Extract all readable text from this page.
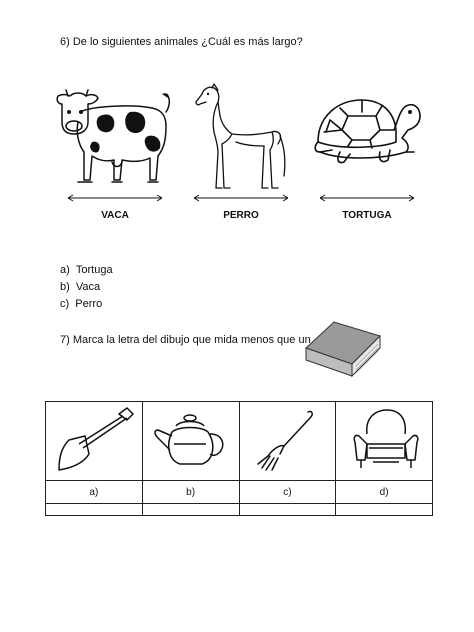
6) De lo siguientes animales ¿Cuál es más largo?
VACA	PERRO	TORTUGA
a) Tortuga
b) Vaca
c) Perro
7) Marca la letra del dibujo que mida menos que un

a)	b)	c)	d)
